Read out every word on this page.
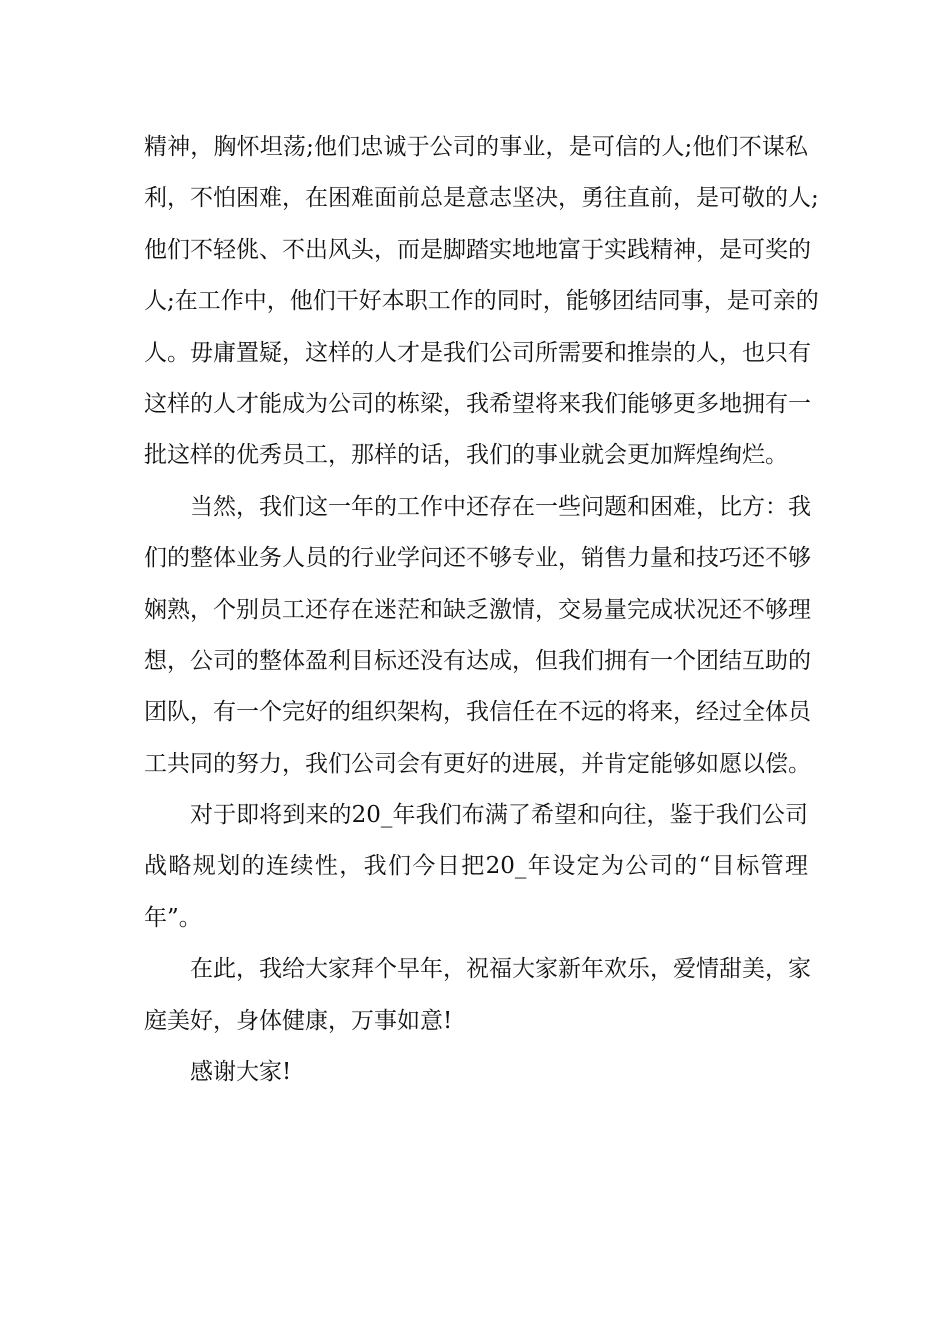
精神，胸怀坦荡;他们忠诚于公司的事业，是可信的人;他们不谋私
利，不怕困难，在困难面前总是意志坚决，勇往直前，是可敬的人;
他们不轻佻、不出风头，而是脚踏实地地富于实践精神，是可奖的
人;在工作中，他们干好本职工作的同时，能够团结同事，是可亲的
人。毋庸置疑，这样的人才是我们公司所需要和推崇的人，也只有
这样的人才能成为公司的栋梁，我希望将来我们能够更多地拥有一
批这样的优秀员工，那样的话，我们的事业就会更加辉煌绚烂。
当然，我们这一年的工作中还存在一些问题和困难，比方：我
们的整体业务人员的行业学问还不够专业，销售力量和技巧还不够
娴熟，个别员工还存在迷茫和缺乏激情，交易量完成状况还不够理
想，公司的整体盈利目标还没有达成，但我们拥有一个团结互助的
团队，有一个完好的组织架构，我信任在不远的将来，经过全体员
工共同的努力，我们公司会有更好的进展，并肯定能够如愿以偿。
对于即将到来的20_年我们布满了希望和向往，鉴于我们公司
战略规划的连续性，我们今日把20_年设定为公司的“目标管理
年”。
在此，我给大家拜个早年，祝福大家新年欢乐，爱情甜美，家
庭美好，身体健康，万事如意!
感谢大家!
